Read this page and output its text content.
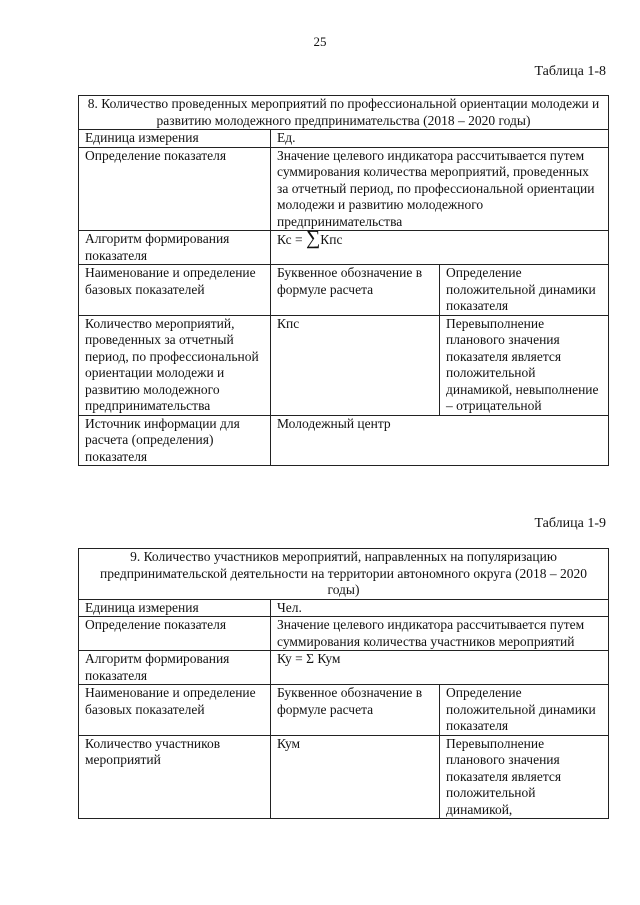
25
Таблица 1-8
8. Количество проведенных мероприятий по профессиональной ориентации молодежи и развитию молодежного предпринимательства (2018 – 2020 годы)		
Единица измерения	Ед.	
Определение показателя	Значение целевого индикатора рассчитывается путем суммирования количества мероприятий, проведенных за отчетный период, по профессиональной ориентации молодежи и развитию молодежного предпринимательства	
Алгоритм формирования показателя	Кс = ∑Кпс	
Наименование и определение базовых показателей	Буквенное обозначение в формуле расчета	Определение положительной динамики показателя
Количество мероприятий, проведенных за отчетный период, по профессиональной ориентации молодежи и развитию молодежного предпринимательства	Кпс	Перевыполнение планового значения показателя является положительной динамикой, невыполнение – отрицательной
Источник информации для расчета (определения) показателя	Молодежный центр	
Таблица 1-9
9. Количество участников мероприятий, направленных на популяризацию предпринимательской деятельности на территории автономного округа (2018 – 2020 годы)		
Единица измерения	Чел.	
Определение показателя	Значение целевого индикатора рассчитывается путем суммирования количества участников мероприятий	
Алгоритм формирования показателя	Ку = Σ Кум	
Наименование и определение базовых показателей	Буквенное обозначение в формуле расчета	Определение положительной динамики показателя
Количество участников мероприятий	Кум	Перевыполнение планового значения показателя является положительной динамикой,
